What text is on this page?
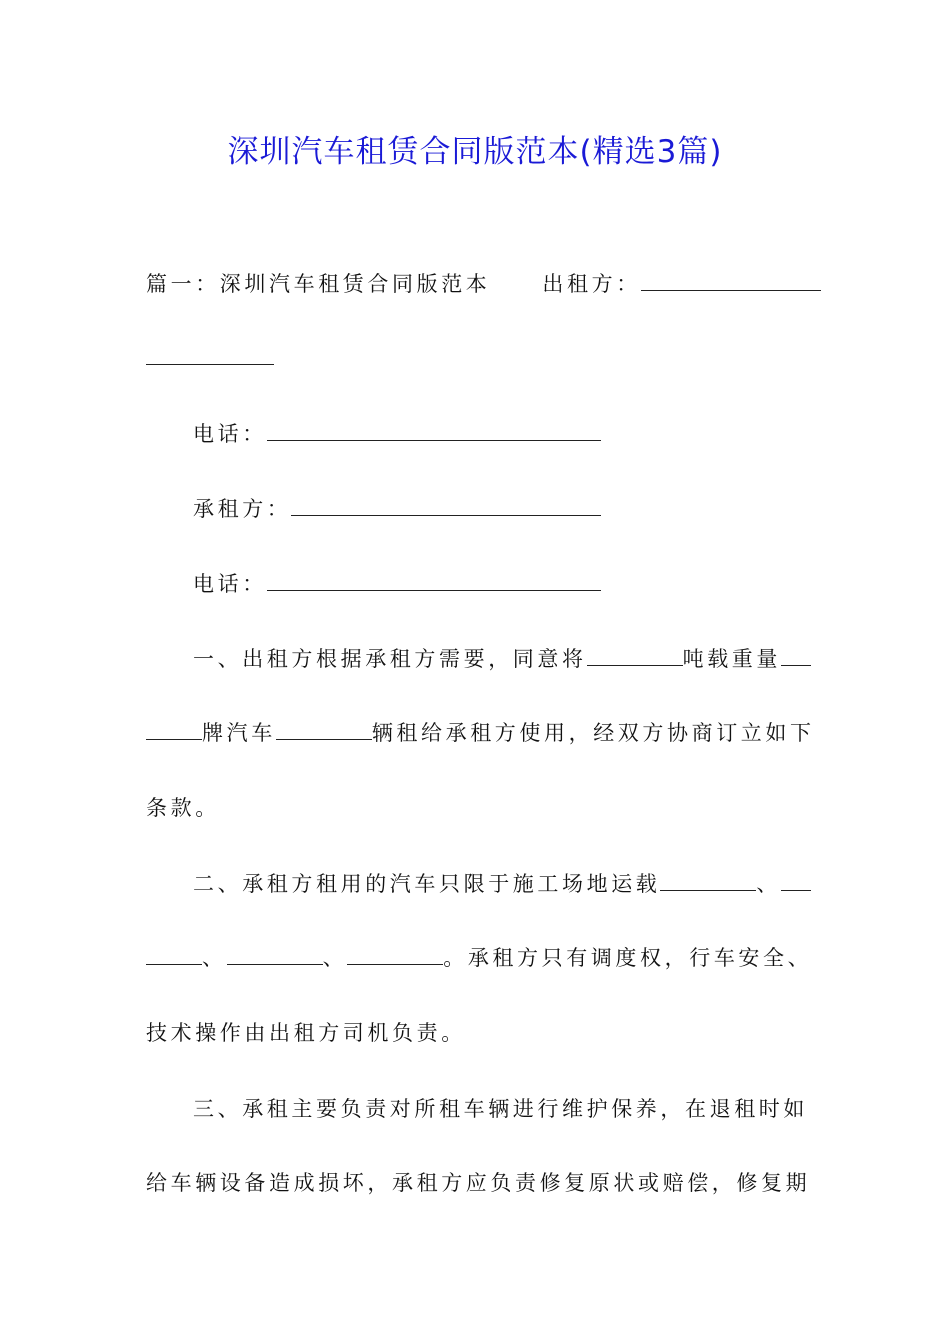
深圳汽车租赁合同版范本(精选3篇)
篇一：深圳汽车租赁合同版范本 出租方：
电话：
承租方：
电话：
一、出租方根据承租方需要，同意将	吨载重量
牌汽车	辆租给承租方使用，经双方协商订立如下
条款。
二、承租方租用的汽车只限于施工场地运载	、
、	、	。承租方只有调度权，行车安全、
技术操作由出租方司机负责。
三、承租主要负责对所租车辆进行维护保养，在退租时如
给车辆设备造成损坏，承租方应负责修复原状或赔偿，修复期
